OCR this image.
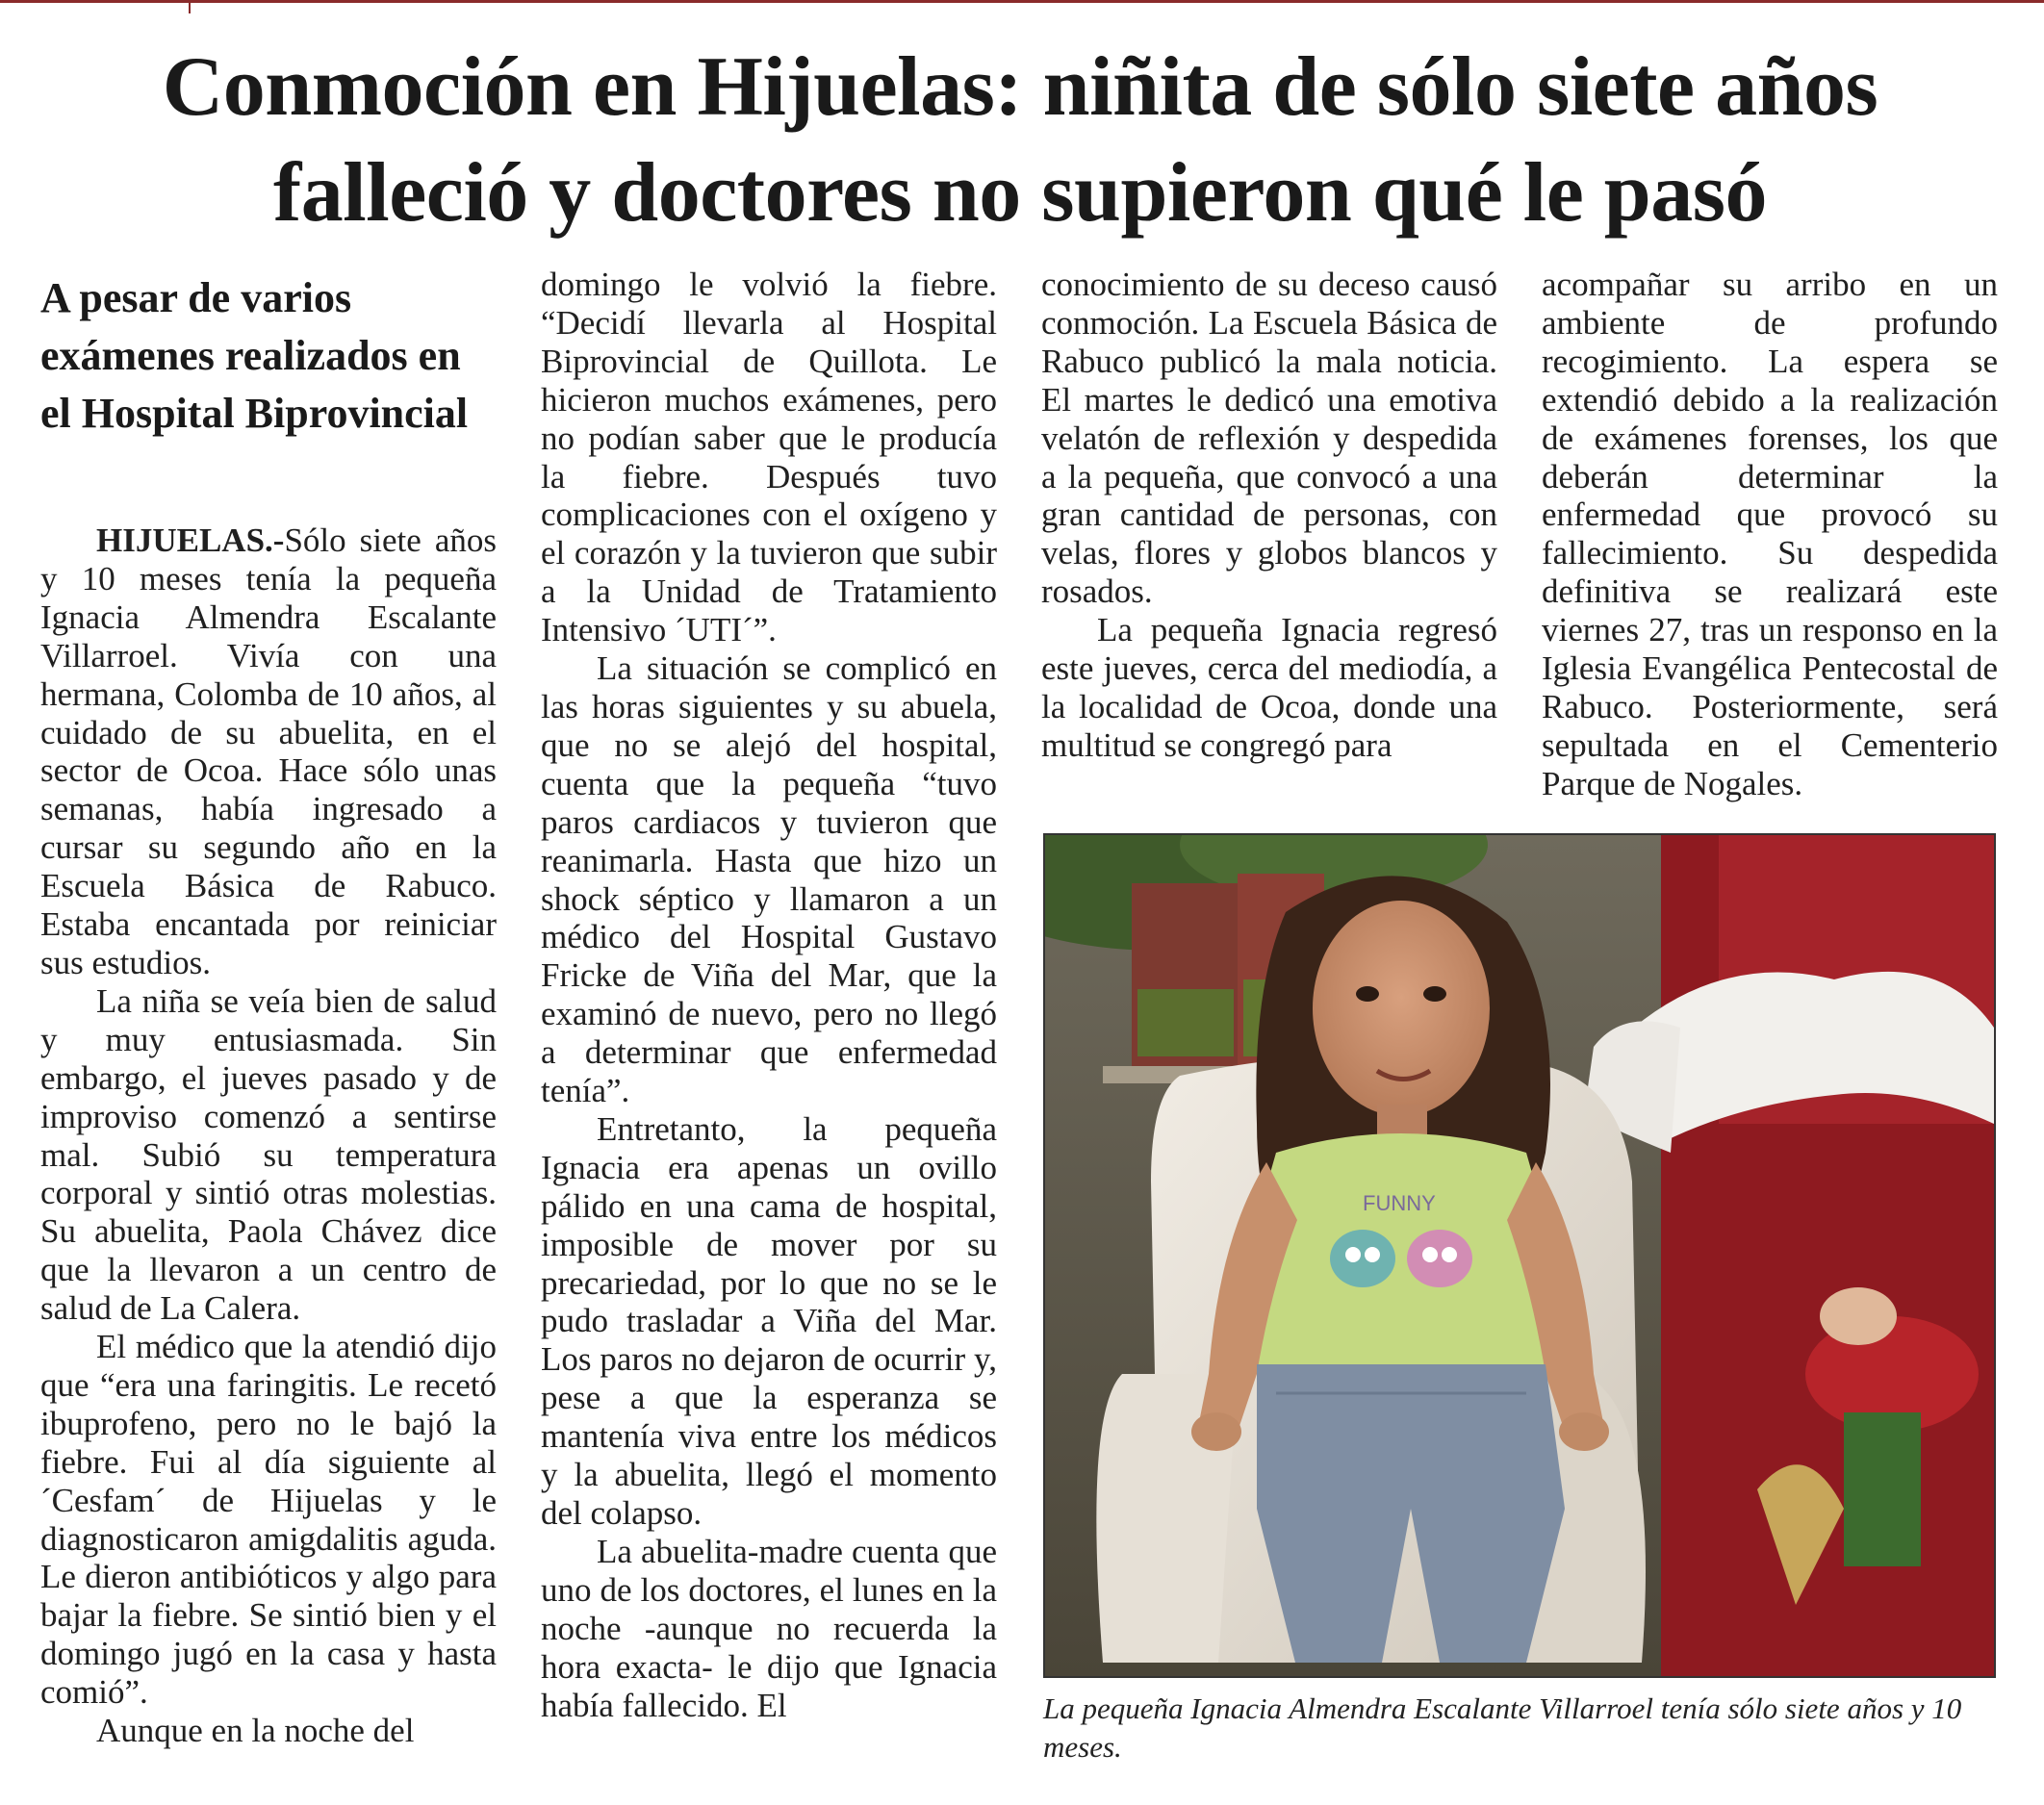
Conmoción en Hijuelas: niñita de sólo siete años falleció y doctores no supieron qué le pasó
A pesar de varios exámenes realizados en el Hospital Biprovincial

HIJUELAS.-Sólo siete años y 10 meses tenía la pequeña Ignacia Almendra Escalante Villarroel. Vivía con una hermana, Colomba de 10 años, al cuidado de su abuelita, en el sector de Ocoa. Hace sólo unas semanas, había ingresado a cursar su segundo año en la Escuela Básica de Rabuco. Estaba encantada por reiniciar sus estudios.

La niña se veía bien de salud y muy entusiasmada. Sin embargo, el jueves pasado y de improviso comenzó a sentirse mal. Subió su temperatura corporal y sintió otras molestias. Su abuelita, Paola Chávez dice que la llevaron a un centro de salud de La Calera.

El médico que la atendió dijo que “era una faringitis. Le recetó ibuprofeno, pero no le bajó la fiebre. Fui al día siguiente al ´Cesfam´ de Hijuelas y le diagnosticaron amigdalitis aguda. Le dieron antibióticos y algo para bajar la fiebre. Se sintió bien y el domingo jugó en la casa y hasta comió”.

Aunque en la noche del

domingo le volvió la fiebre. “Decidí llevarla al Hospital Biprovincial de Quillota. Le hicieron muchos exámenes, pero no podían saber que le producía la fiebre. Después tuvo complicaciones con el oxígeno y el corazón y la tuvieron que subir a la Unidad de Tratamiento Intensivo ´UTI´”.

La situación se complicó en las horas siguientes y su abuela, que no se alejó del hospital, cuenta que la pequeña “tuvo paros cardiacos y tuvieron que reanimarla. Hasta que hizo un shock séptico y llamaron a un médico del Hospital Gustavo Fricke de Viña del Mar, que la examinó de nuevo, pero no llegó a determinar que enfermedad tenía”.

Entretanto, la pequeña Ignacia era apenas un ovillo pálido en una cama de hospital, imposible de mover por su precariedad, por lo que no se le pudo trasladar a Viña del Mar. Los paros no dejaron de ocurrir y, pese a que la esperanza se mantenía viva entre los médicos y la abuelita, llegó el momento del colapso.

La abuelita-madre cuenta que uno de los doctores, el lunes en la noche -aunque no recuerda la hora exacta- le dijo que Ignacia había fallecido. El

conocimiento de su deceso causó conmoción. La Escuela Básica de Rabuco publicó la mala noticia. El martes le dedicó una emotiva velatón de reflexión y despedida a la pequeña, que convocó a una gran cantidad de personas, con velas, flores y globos blancos y rosados.

La pequeña Ignacia regresó este jueves, cerca del mediodía, a la localidad de Ocoa, donde una multitud se congregó para

acompañar su arribo en un ambiente de profundo recogimiento. La espera se extendió debido a la realización de exámenes forenses, los que deberán determinar la enfermedad que provocó su fallecimiento. Su despedida definitiva se realizará este viernes 27, tras un responso en la Iglesia Evangélica Pentecostal de Rabuco. Posteriormente, será sepultada en el Cementerio Parque de Nogales.

FUNNY
La pequeña Ignacia Almendra Escalante Villarroel tenía sólo siete años y 10 meses.
